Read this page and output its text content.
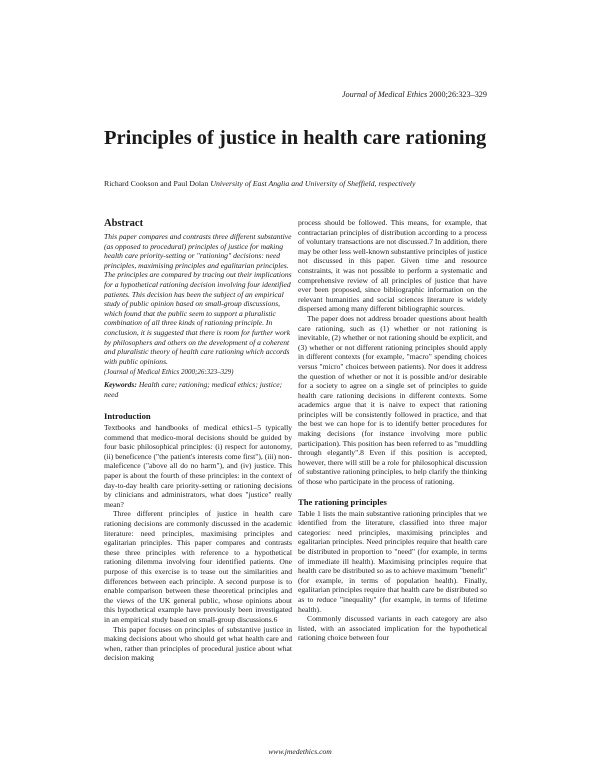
Journal of Medical Ethics 2000;26:323–329
Principles of justice in health care rationing
Richard Cookson and Paul Dolan University of East Anglia and University of Sheffield, respectively
Abstract

This paper compares and contrasts three different substantive (as opposed to procedural) principles of justice for making health care priority-setting or "rationing" decisions: need principles, maximising principles and egalitarian principles. The principles are compared by tracing out their implications for a hypothetical rationing decision involving four identified patients. This decision has been the subject of an empirical study of public opinion based on small-group discussions, which found that the public seem to support a pluralistic combination of all three kinds of rationing principle. In conclusion, it is suggested that there is room for further work by philosophers and others on the development of a coherent and pluralistic theory of health care rationing which accords with public opinions.

(Journal of Medical Ethics 2000;26:323–329)

Keywords: Health care; rationing; medical ethics; justice; need

Introduction

Textbooks and handbooks of medical ethics1–5 typically commend that medico-moral decisions should be guided by four basic philosophical principles: (i) respect for autonomy, (ii) beneficence ("the patient's interests come first"), (iii) non-maleficence ("above all do no harm"), and (iv) justice. This paper is about the fourth of these principles: in the context of day-to-day health care priority-setting or rationing decisions by clinicians and administrators, what does "justice" really mean?

Three different principles of justice in health care rationing decisions are commonly discussed in the academic literature: need principles, maximising principles and egalitarian principles. This paper compares and contrasts these three principles with reference to a hypothetical rationing dilemma involving four identified patients. One purpose of this exercise is to tease out the similarities and differences between each principle. A second purpose is to enable comparison between these theoretical principles and the views of the UK general public, whose opinions about this hypothetical example have previously been investigated in an empirical study based on small-group discussions.6

This paper focuses on principles of substantive justice in making decisions about who should get what health care and when, rather than principles of procedural justice about what decision making

process should be followed. This means, for example, that contractarian principles of distribution according to a process of voluntary transactions are not discussed.7 In addition, there may be other less well-known substantive principles of justice not discussed in this paper. Given time and resource constraints, it was not possible to perform a systematic and comprehensive review of all principles of justice that have ever been proposed, since bibliographic information on the relevant humanities and social sciences literature is widely dispersed among many different bibliographic sources.

The paper does not address broader questions about health care rationing, such as (1) whether or not rationing is inevitable, (2) whether or not rationing should be explicit, and (3) whether or not different rationing principles should apply in different contexts (for example, "macro" spending choices versus "micro" choices between patients). Nor does it address the question of whether or not it is possible and/or desirable for a society to agree on a single set of principles to guide health care rationing decisions in different contexts. Some academics argue that it is naive to expect that rationing principles will be consistently followed in practice, and that the best we can hope for is to identify better procedures for making decisions (for instance involving more public participation). This position has been referred to as "muddling through elegantly".8 Even if this position is accepted, however, there will still be a role for philosophical discussion of substantive rationing principles, to help clarify the thinking of those who participate in the process of rationing.

The rationing principles

Table 1 lists the main substantive rationing principles that we identified from the literature, classified into three major categories: need principles, maximising principles and egalitarian principles. Need principles require that health care be distributed in proportion to "need" (for example, in terms of immediate ill health). Maximising principles require that health care be distributed so as to achieve maximum "benefit" (for example, in terms of population health). Finally, egalitarian principles require that health care be distributed so as to reduce "inequality" (for example, in terms of lifetime health).

Commonly discussed variants in each category are also listed, with an associated implication for the hypothetical rationing choice between four

www.jmedethics.com
